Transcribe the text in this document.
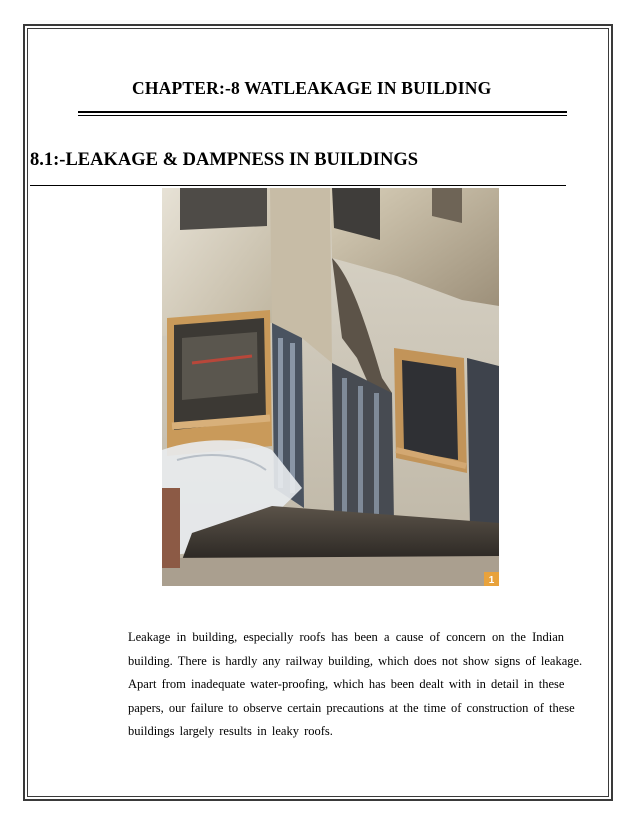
CHAPTER:-8 WATLEAKAGE IN BUILDING
8.1:-LEAKAGE & DAMPNESS IN BUILDINGS
1
Leakage in building, especially roofs has been a cause of concern on the Indian
building. There is hardly any railway building, which does not show signs of leakage.
Apart from inadequate water-proofing, which has been dealt with in detail in these
papers, our failure to observe certain precautions at the time of construction of these
buildings largely results in leaky roofs.
